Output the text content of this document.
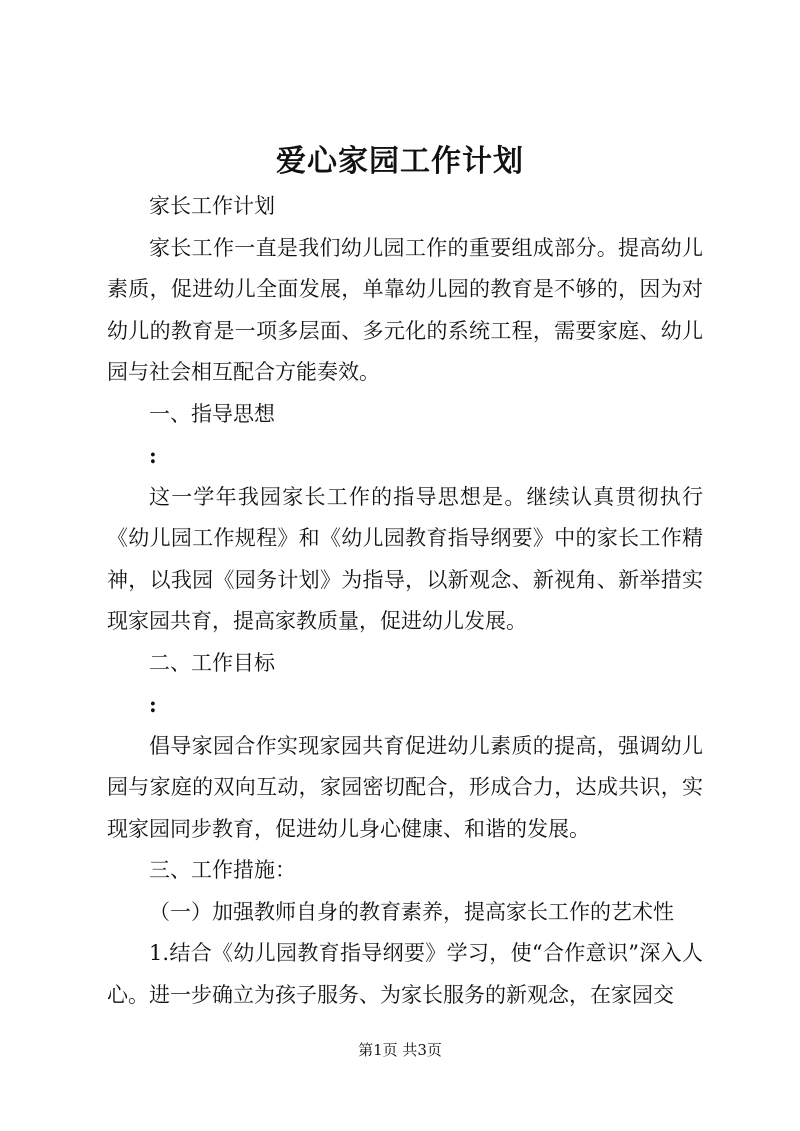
爱心家园工作计划

家长工作计划

家长工作一直是我们幼儿园工作的重要组成部分。提高幼儿素质，促进幼儿全面发展，单靠幼儿园的教育是不够的，因为对幼儿的教育是一项多层面、多元化的系统工程，需要家庭、幼儿园与社会相互配合方能奏效。

一、指导思想

:

这一学年我园家长工作的指导思想是。继续认真贯彻执行《幼儿园工作规程》和《幼儿园教育指导纲要》中的家长工作精神，以我园《园务计划》为指导，以新观念、新视角、新举措实现家园共育，提高家教质量，促进幼儿发展。

二、工作目标

:

倡导家园合作实现家园共育促进幼儿素质的提高，强调幼儿园与家庭的双向互动，家园密切配合，形成合力，达成共识，实现家园同步教育，促进幼儿身心健康、和谐的发展。

三、工作措施：

（一）加强教师自身的教育素养，提高家长工作的艺术性

1.结合《幼儿园教育指导纲要》学习，使“合作意识”深入人心。进一步确立为孩子服务、为家长服务的新观念，在家园交

第1页 共3页
